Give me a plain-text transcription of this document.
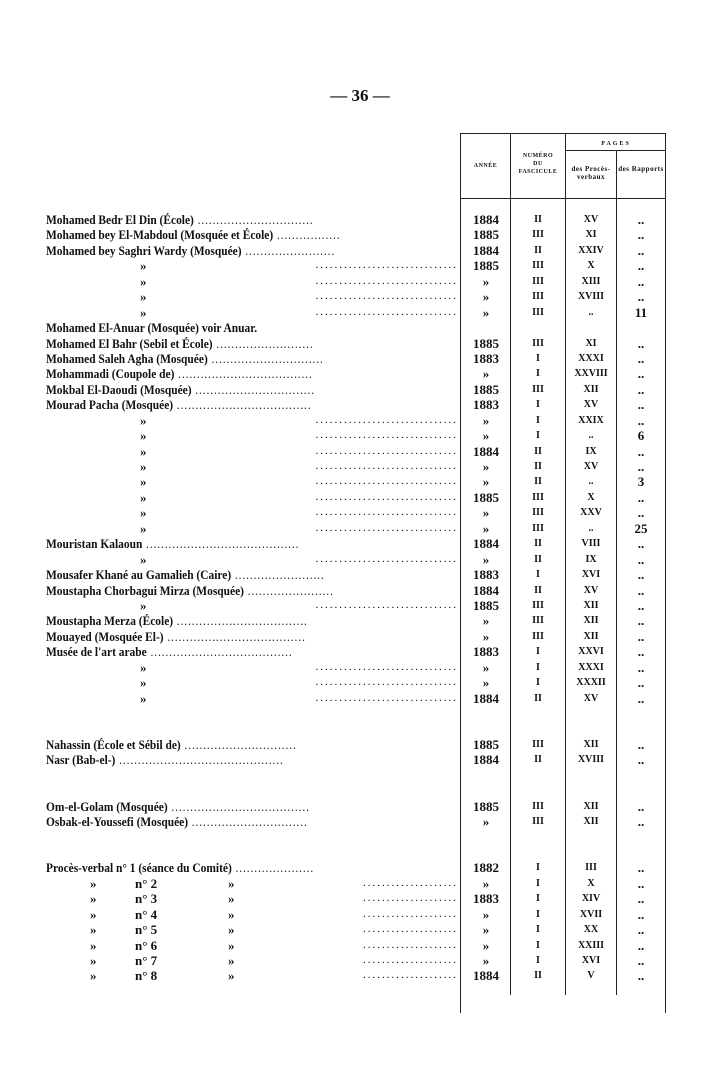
— 36 —
ANNÉE
NUMÉRO
DU
FASCICULE
PAGES
des Procès-verbaux
des Rapports
Mohamed Bedr El Din (École) ...............................	1884	II	XV	..
Mohamed bey El-Mabdoul (Mosquée et École) .................	1885	III	XI	..
Mohamed bey Saghri Wardy (Mosquée) ........................	1884	II	XXIV	..
»	..............................	1885	III	X	..
»	..............................	»	III	XIII	..
»	..............................	»	III	XVIII	..
»	..............................	»	III	..	11
Mohamed El-Anuar (Mosquée) voir Anuar.
Mohamed El Bahr (Sebil et École) ..........................	1885	III	XI	..
Mohamed Saleh Agha (Mosquée) ..............................	1883	I	XXXI	..
Mohammadi (Coupole de) ....................................	»	I	XXVIII	..
Mokbal El-Daoudi (Mosquée) ................................	1885	III	XII	..
Mourad Pacha (Mosquée) ....................................	1883	I	XV	..
»	..............................	»	I	XXIX	..
»	..............................	»	I	..	6
»	..............................	1884	II	IX	..
»	..............................	»	II	XV	..
»	..............................	»	II	..	3
»	..............................	1885	III	X	..
»	..............................	»	III	XXV	..
»	..............................	»	III	..	25
Mouristan Kalaoun .........................................	1884	II	VIII	..
»	..............................	»	II	IX	..
Mousafer Khané au Gamalieh (Caire) ........................	1883	I	XVI	..
Moustapha Chorbagui Mirza (Mosquée) .......................	1884	II	XV	..
»	..............................	1885	III	XII	..
Moustapha Merza (École) ...................................	»	III	XII	..
Mouayed (Mosquée El-) .....................................	»	III	XII	..
Musée de l'art arabe ......................................	1883	I	XXVI	..
»	..............................	»	I	XXXI	..
»	..............................	»	I	XXXII	..
»	..............................	1884	II	XV	..
Nahassin (École et Sébil de) ..............................	1885	III	XII	..
Nasr (Bab-el-) ............................................	1884	II	XVIII	..
Om-el-Golam (Mosquée) .....................................	1885	III	XII	..
Osbak-el-Youssefi (Mosquée) ...............................	»	III	XII	..
Procès-verbal n° 1 (séance du Comité) .....................	1882	I	III	..
»	n° 2	»	....................	»	I	X	..
»	n° 3	»	....................	1883	I	XIV	..
»	n° 4	»	....................	»	I	XVII	..
»	n° 5	»	....................	»	I	XX	..
»	n° 6	»	....................	»	I	XXIII	..
»	n° 7	»	....................	»	I	XVI	..
»	n° 8	»	....................	1884	II	V	..
